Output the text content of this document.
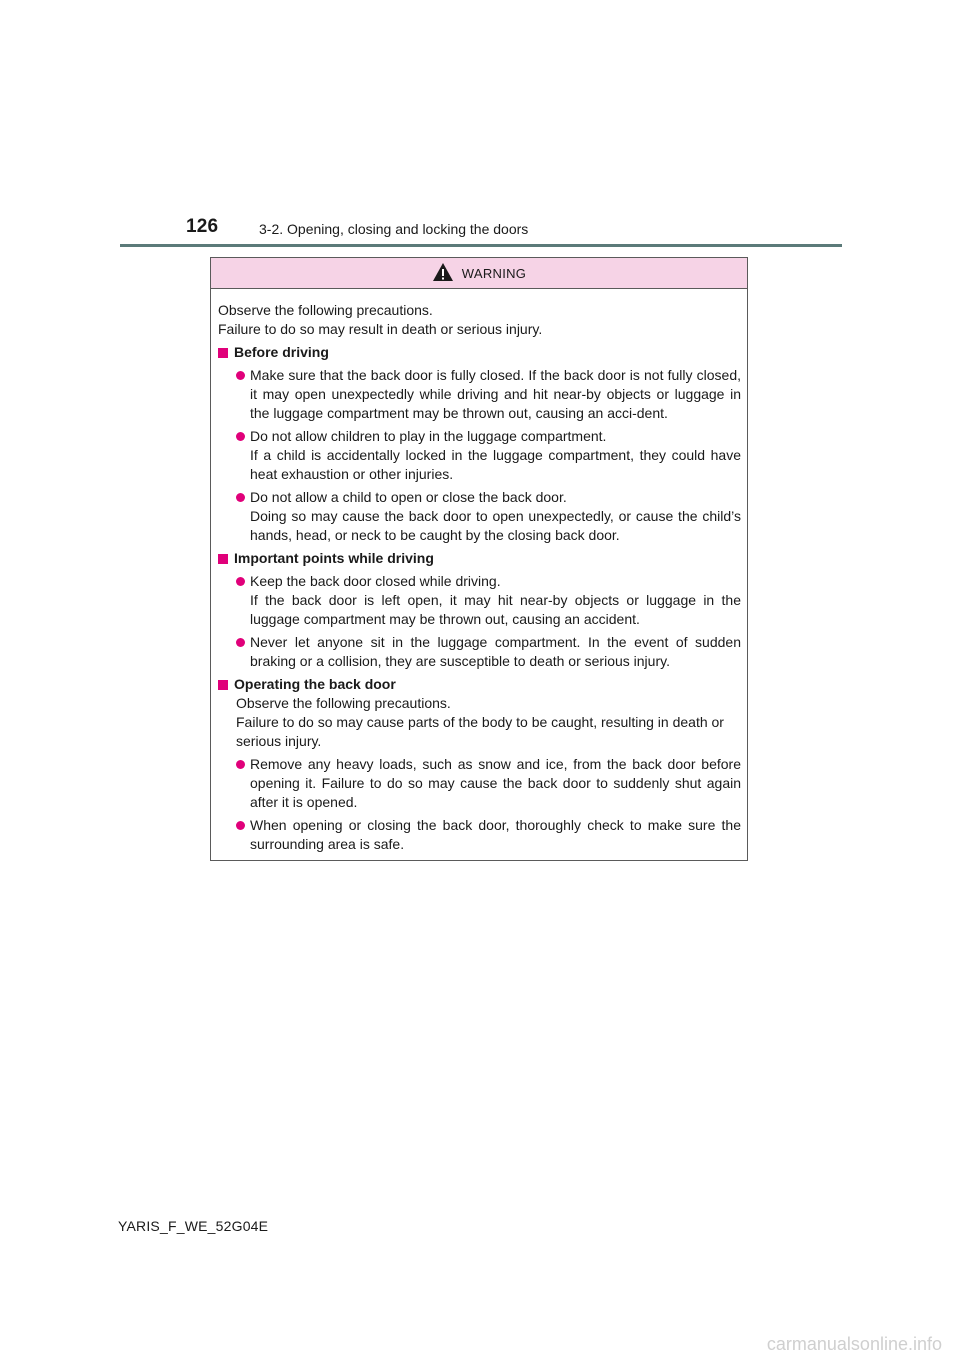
126	3-2. Opening, closing and locking the doors
WARNING

Observe the following precautions.

Failure to do so may result in death or serious injury.

Before driving

Make sure that the back door is fully closed. If the back door is not fully closed, it may open unexpectedly while driving and hit near-by objects or luggage in the luggage compartment may be thrown out, causing an acci-dent.

Do not allow children to play in the luggage compartment.

If a child is accidentally locked in the luggage compartment, they could have heat exhaustion or other injuries.

Do not allow a child to open or close the back door.

Doing so may cause the back door to open unexpectedly, or cause the child’s hands, head, or neck to be caught by the closing back door.

Important points while driving

Keep the back door closed while driving.

If the back door is left open, it may hit near-by objects or luggage in the luggage compartment may be thrown out, causing an accident.

Never let anyone sit in the luggage compartment. In the event of sudden braking or a collision, they are susceptible to death or serious injury.

Operating the back door

Observe the following precautions.

Failure to do so may cause parts of the body to be caught, resulting in death or serious injury.

Remove any heavy loads, such as snow and ice, from the back door before opening it. Failure to do so may cause the back door to suddenly shut again after it is opened.

When opening or closing the back door, thoroughly check to make sure the surrounding area is safe.

YARIS_F_WE_52G04E
carmanualsonline.info
